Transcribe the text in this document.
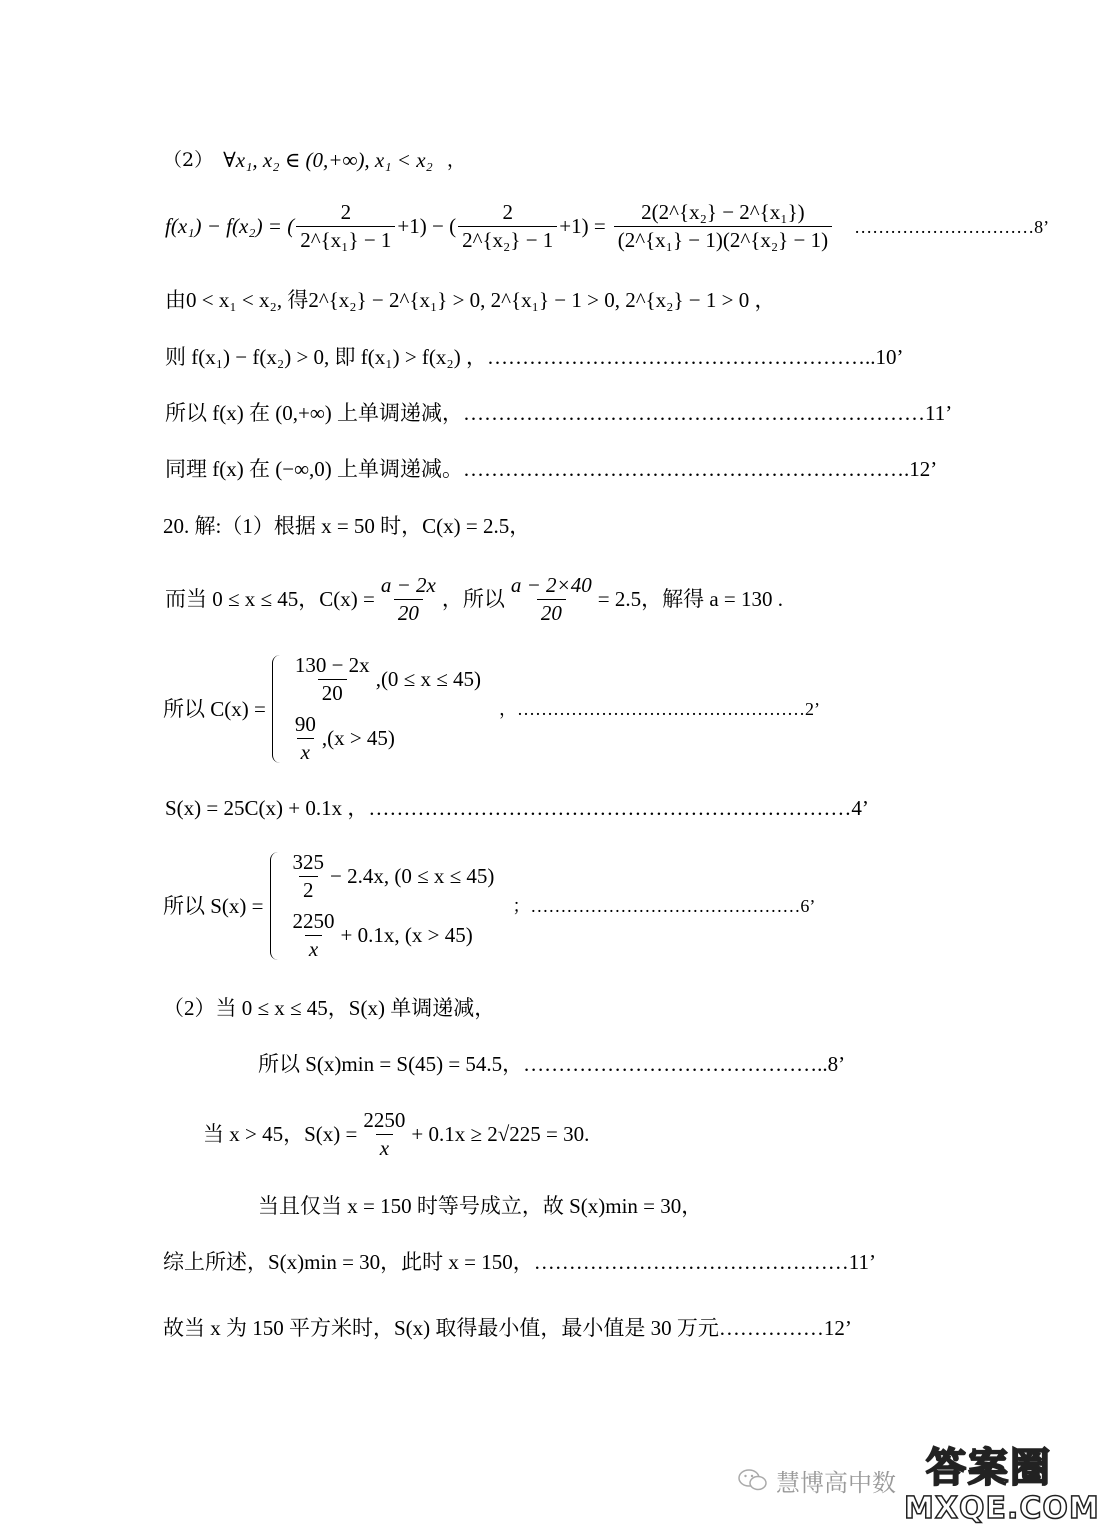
（2） ∀x₁, x₂ ∈ (0,+∞), x₁ < x₂ ，
f(x₁) − f(x₂) = ( $\frac{2}{\text{2\textasciicircum{}\{x₁\} − 1}} +1$) − ( $\frac{2}{\text{2\textasciicircum{}\{x₂\} − 1}} +1) = \frac{\text{2(2\textasciicircum{}\{x₂\} − 2\textasciicircum{}\{x₁\})}}{\text{(2\textasciicircum{}\{x₁\} − 1)(2\textasciicircum{}\{x₂\} − 1)}}$ …………………………8’
由0 < x₁ < x₂, 得2^{x₂} − 2^{x₁} > 0, 2^{x₁} − 1 > 0, 2^{x₂} − 1 > 0 ，
则 f(x₁) − f(x₂) > 0, 即 f(x₁) > f(x₂) ，………………………………………………..10’
所以 f(x) 在 (0,+∞) 上单调递减，…………………………………………………………11’
同理 f(x) 在 (−∞,0) 上单调递减。……………………………………………………….12’
20. 解:（1）根据 x = 50 时，C(x) = 2.5，
而当 0 ≤ x ≤ 45，$C(x) = \frac{a - 2x}{20}$ ，所以 $\frac{a - 2\times 40}{20} = 2.5$，解得 a = 130 .
所以 C(x) =
$\frac{130 - 2x}{20} ,(0 \le x \le 45)$
$\frac{90}{x} ,(x > 45)$
，…………………………………………2’
S(x) = 25C(x) + 0.1x ，……………………………………………………………4’
所以 S(x) =
$\frac{325}{2} - 2.4x$, (0 ≤ x ≤ 45)
$\frac{2250}{x} + 0.1x$, (x > 45)
；………………………………………6’
（2）当 0 ≤ x ≤ 45，S(x) 单调递减，
所以 S(x)min = S(45) = 54.5，……………………………………..8’
当 x > 45，$S(x) = \frac{2250}{x} + 0.1x \ge 2√225 = 30$.
当且仅当 x = 150 时等号成立，故 S(x)min = 30，
综上所述，S(x)min = 30，此时 x = 150，………………………………………11’
故当 x 为 150 平方米时，S(x) 取得最小值，最小值是 30 万元……………12’
慧博高中数 答案圈
MXQE.COM
